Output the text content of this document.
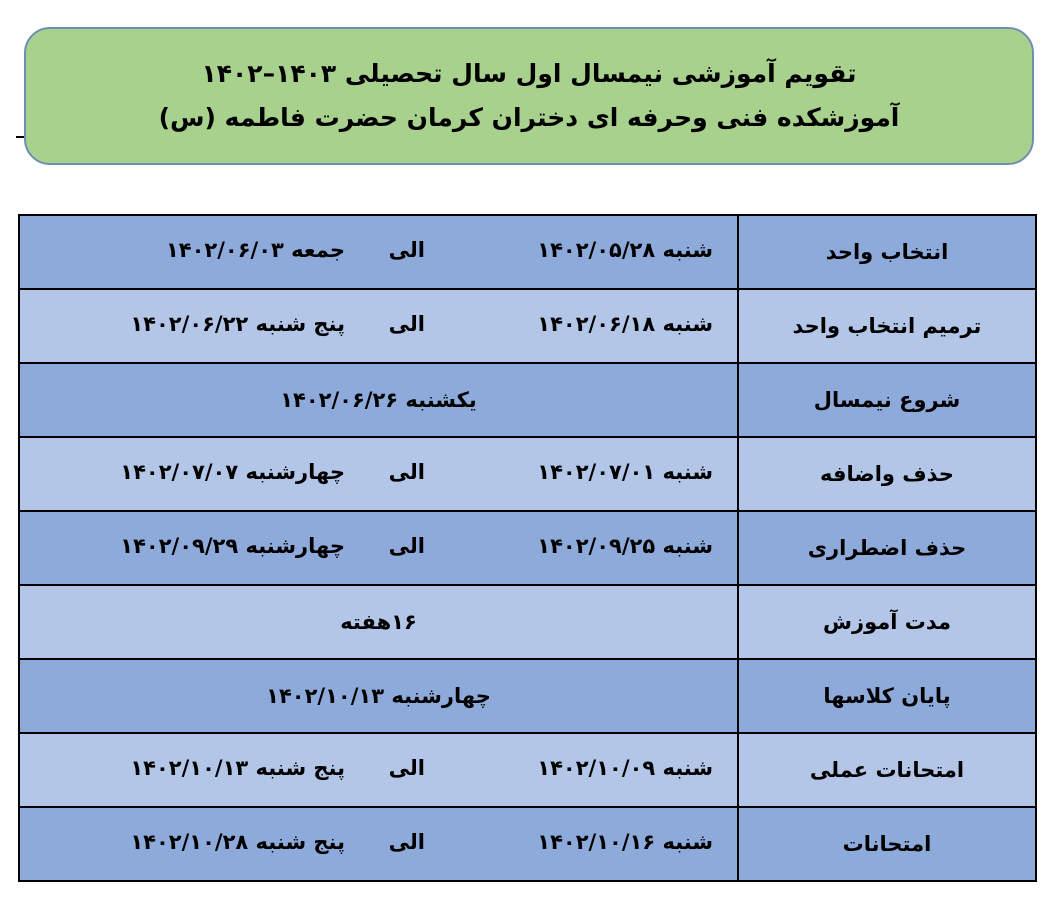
تقویم آموزشی نیمسال اول سال تحصیلی ۱۴۰۳–۱۴۰۲
آموزشکده فنی وحرفه ای دختران کرمان حضرت فاطمه (س)
انتخاب واحد	شنبه ۱۴۰۲/۰۵/۲۸
الی
جمعه ۱۴۰۲/۰۶/۰۳

ترمیم انتخاب واحد	شنبه ۱۴۰۲/۰۶/۱۸
الی
پنج شنبه ۱۴۰۲/۰۶/۲۲

شروع نیمسال	یکشنبه ۱۴۰۲/۰۶/۲۶

حذف واضافه	شنبه ۱۴۰۲/۰۷/۰۱
الی
چهارشنبه ۱۴۰۲/۰۷/۰۷

حذف اضطراری	شنبه ۱۴۰۲/۰۹/۲۵
الی
چهارشنبه ۱۴۰۲/۰۹/۲۹

مدت آموزش	۱۶هفته

پایان کلاسها	چهارشنبه ۱۴۰۲/۱۰/۱۳

امتحانات عملی	شنبه ۱۴۰۲/۱۰/۰۹
الی
پنج شنبه ۱۴۰۲/۱۰/۱۳

امتحانات	شنبه ۱۴۰۲/۱۰/۱۶
الی
پنج شنبه ۱۴۰۲/۱۰/۲۸
